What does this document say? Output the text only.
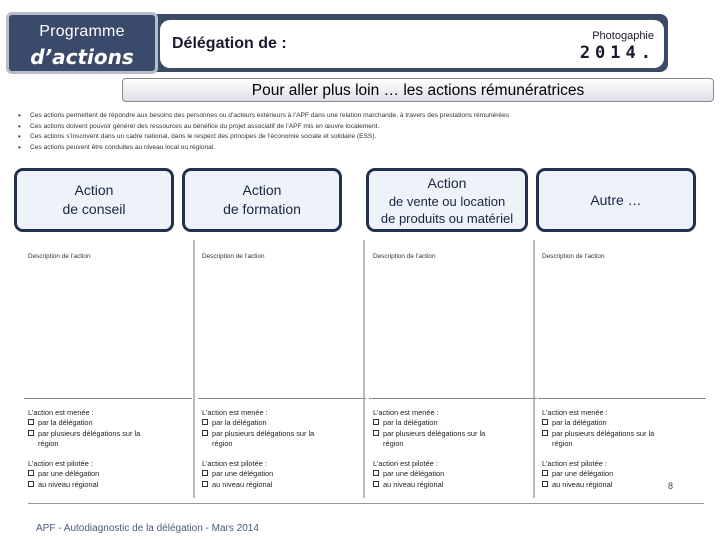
Programme
d’actions
Délégation de :	Photogaphie
2014.
Pour aller plus loin … les actions rémunératrices
• Ces actions permettent de répondre aux besoins des personnes ou d’acteurs extérieurs à l’APF dans une relation marchande, à travers des prestations rémunérées
• Ces actions doivent pouvoir générer des ressources au bénéfice du projet associatif de l’APF mis en œuvre localement.
• Ces actions s’inscrivent dans un cadre national, dans le respect des principes de l’économie sociale et solidaire (ESS).
• Ces actions peuvent être conduites au niveau local ou régional.
Action
de conseil
Action
de formation
Action
de vente ou location
de produits ou matériel
Autre …
Description de l’action
L’action est menée :
par la délégation
par plusieurs délégations sur la
région
L’action est pilotée :
par une délégation
au niveau régional
Description de l’action
L’action est menée :
par la délégation
par plusieurs délégations sur la
région
L’action est pilotée :
par une délégation
au niveau régional
Description de l’action
L’action est menée :
par la délégation
par plusieurs délégations sur la
région
L’action est pilotée :
par une délégation
au niveau régional
Description de l’action
L’action est menée :
par la délégation
par plusieurs délégations sur la
région
L’action est pilotée :
par une délégation
au niveau régional	8
APF - Autodiagnostic de la délégation - Mars 2014
